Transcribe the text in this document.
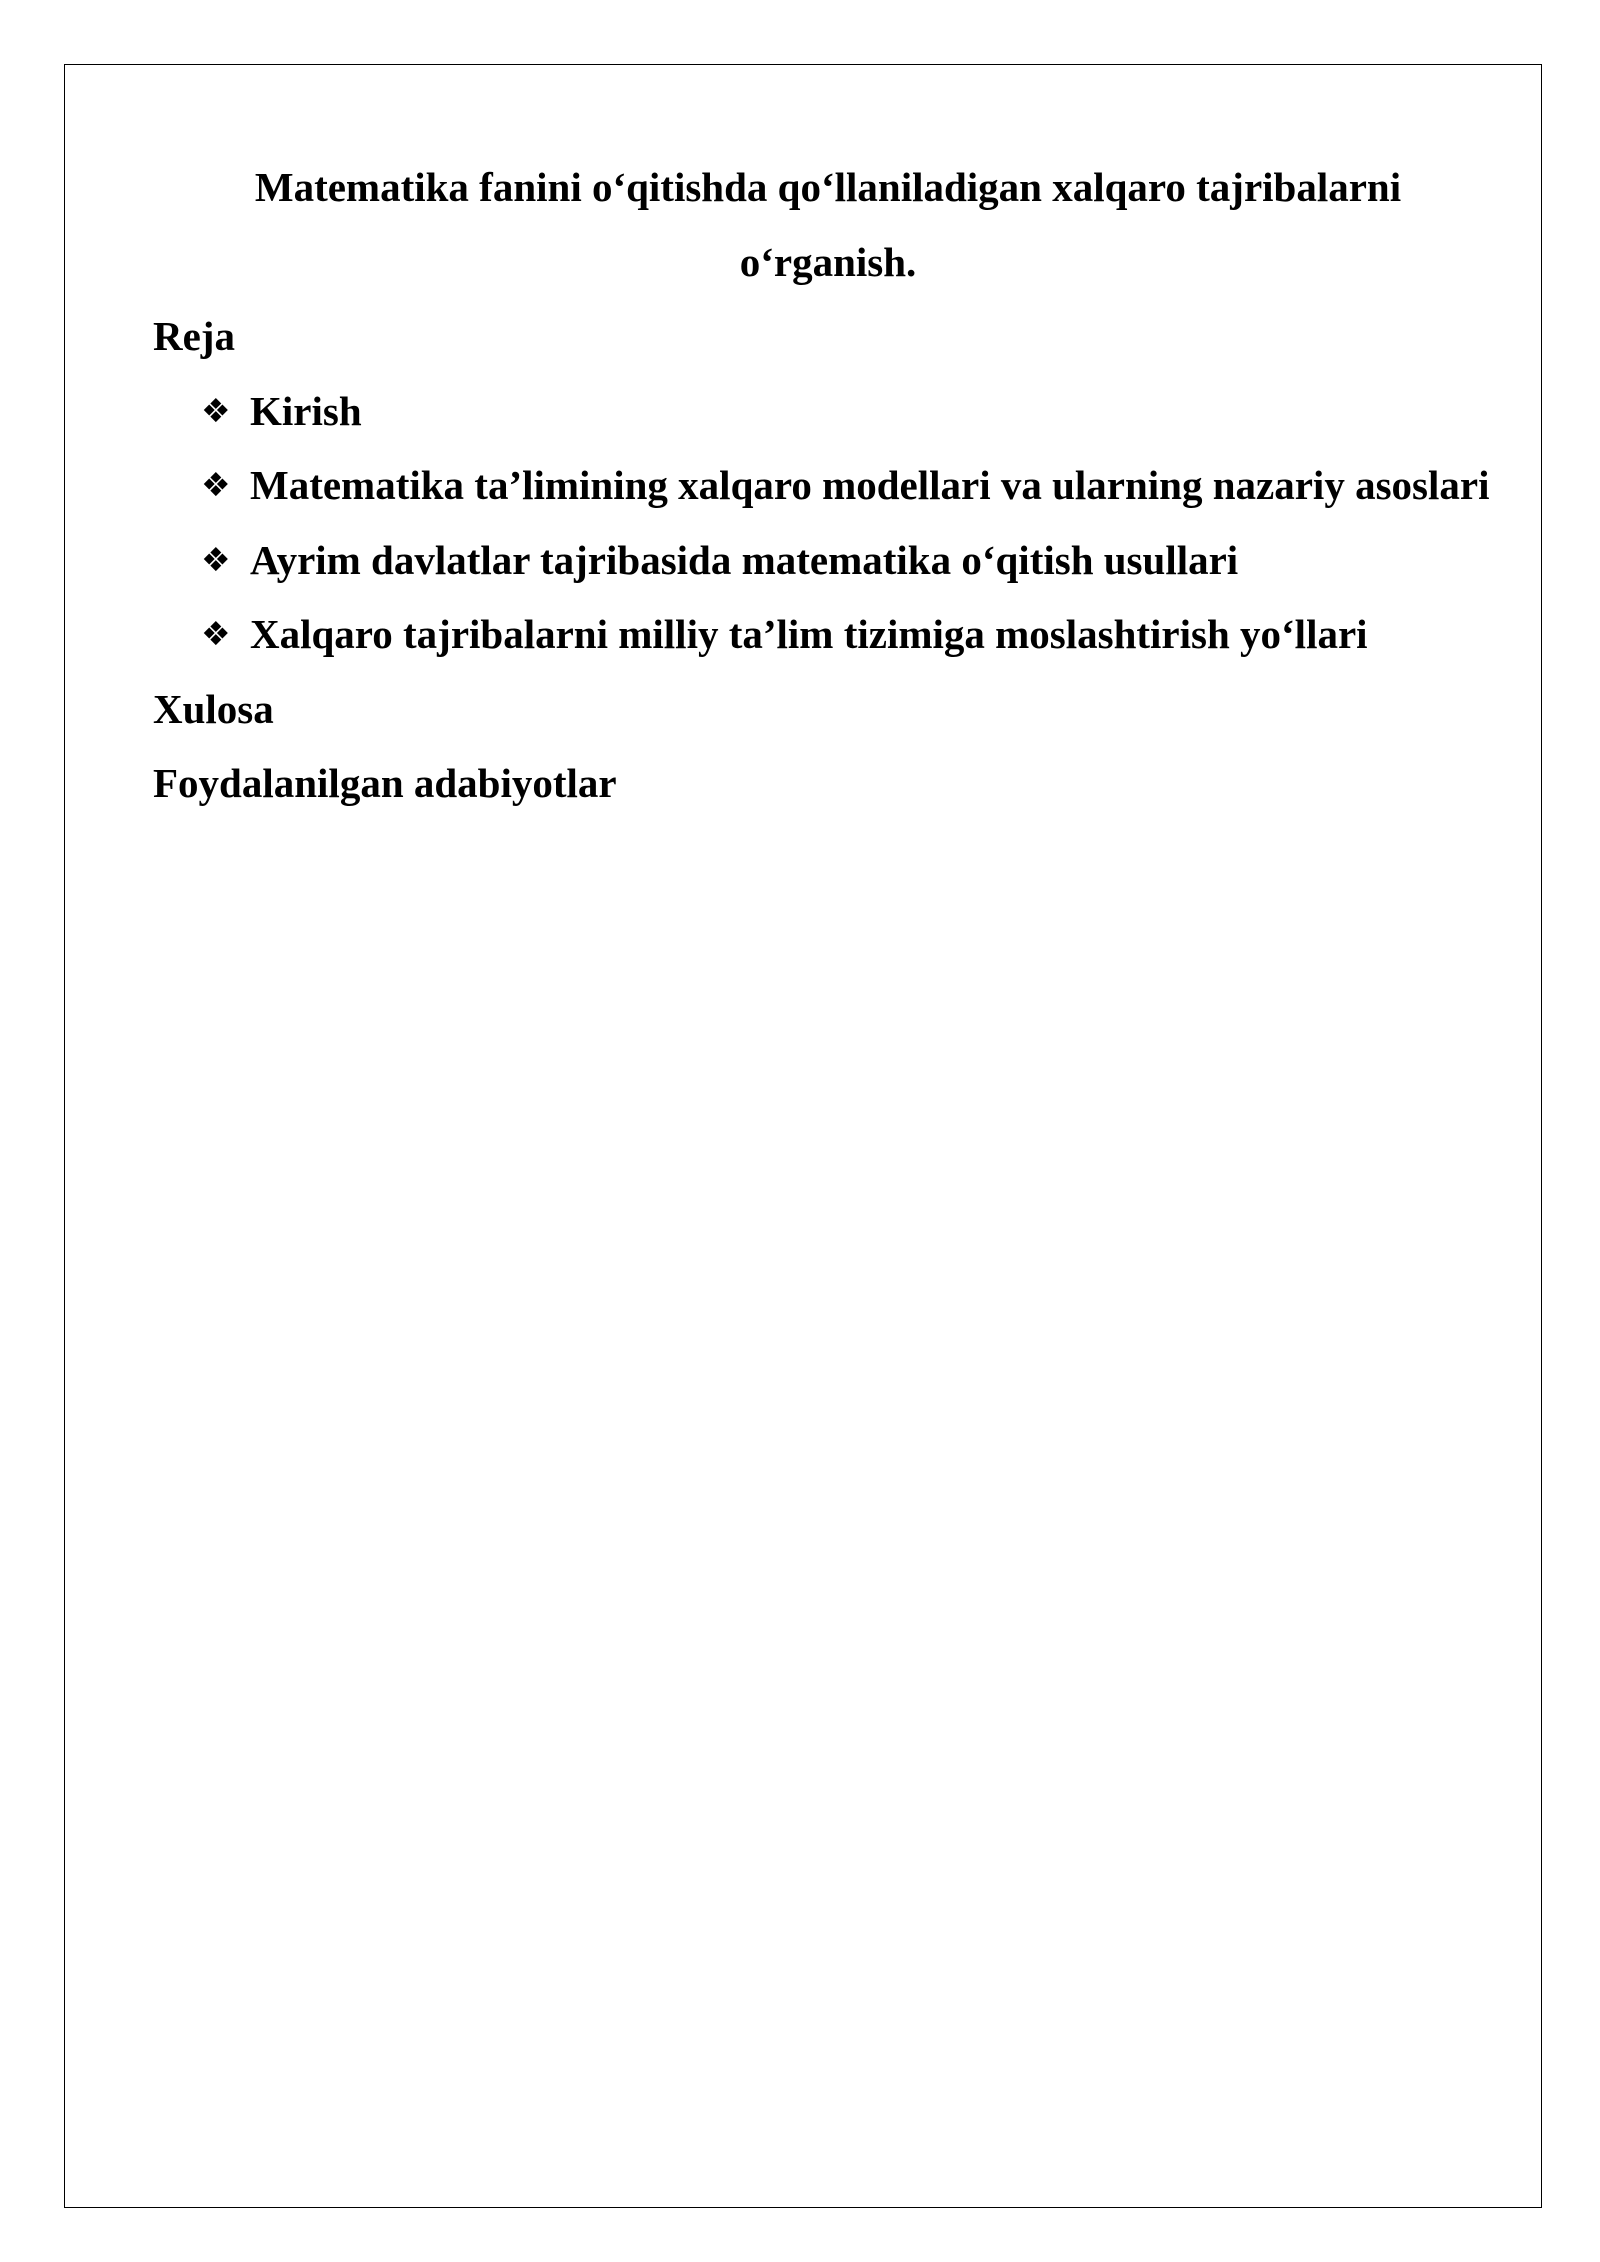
Matematika fanini o‘qitishda qo‘llaniladigan xalqaro tajribalarni o‘rganish.
Reja
❖ Kirish
❖ Matematika ta’limining xalqaro modellari va ularning nazariy asoslari
❖ Ayrim davlatlar tajribasida matematika o‘qitish usullari
❖ Xalqaro tajribalarni milliy ta’lim tizimiga moslashtirish yo‘llari
Xulosa
Foydalanilgan adabiyotlar
